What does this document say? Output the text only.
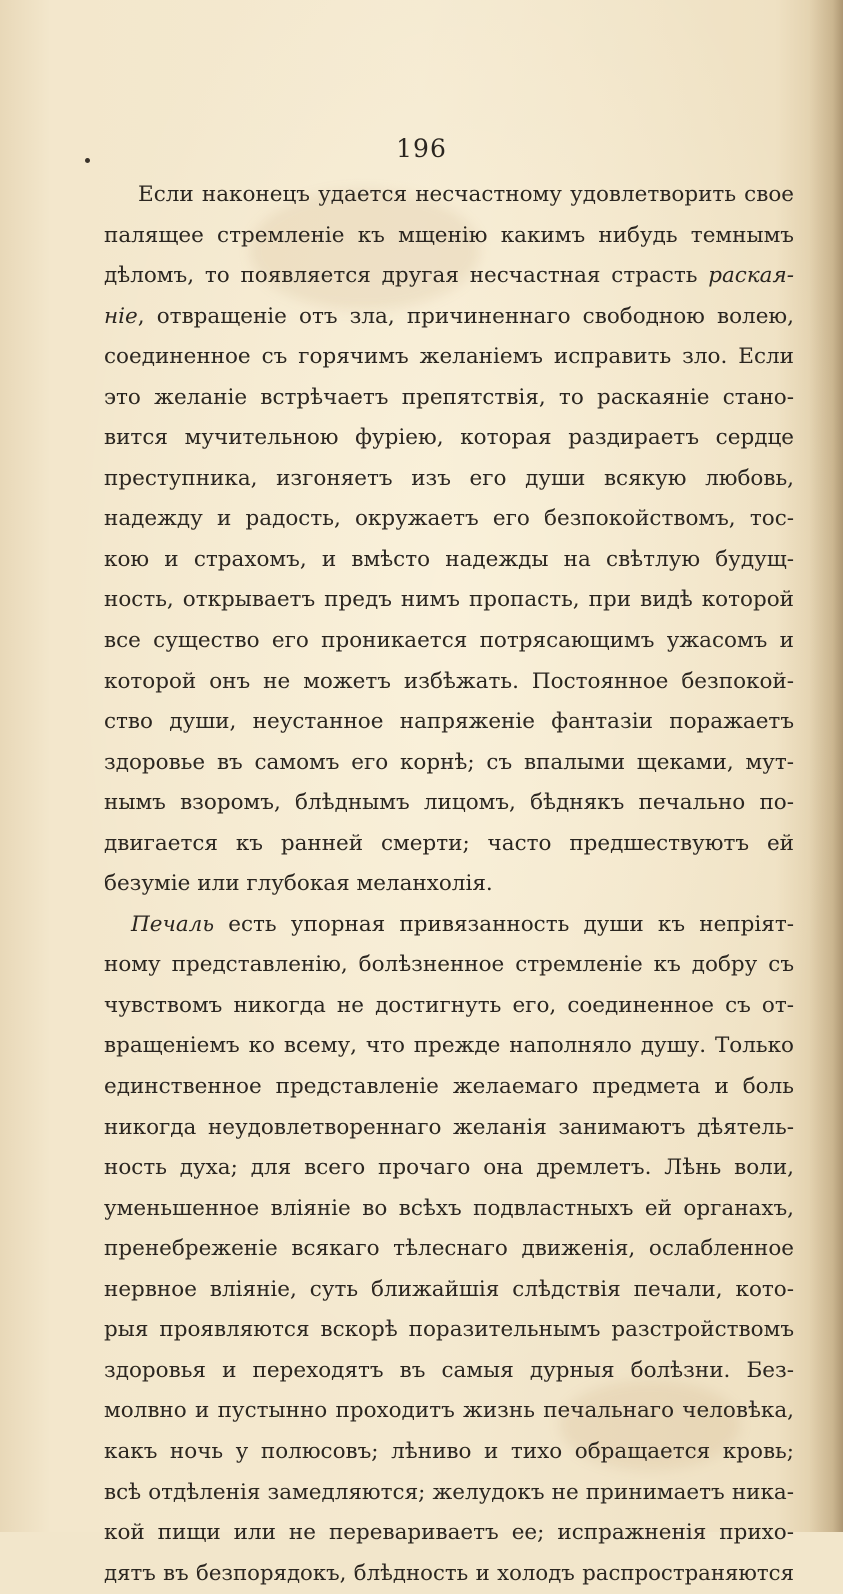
196
Если наконецъ удается несчастному удовлетворить свое
палящее стремленіе къ мщенію какимъ нибудь темнымъ
дѣломъ, то появляется другая несчастная страсть раская-
ніе, отвращеніе отъ зла, причиненнаго свободною волею,
соединенное съ горячимъ желаніемъ исправить зло. Если
это желаніе встрѣчаетъ препятствія, то раскаяніе стано-
вится мучительною фуріею, которая раздираетъ сердце
преступника, изгоняетъ изъ его души всякую любовь,
надежду и радость, окружаетъ его безпокойствомъ, тос-
кою и страхомъ, и вмѣсто надежды на свѣтлую будущ-
ность, открываетъ предъ нимъ пропасть, при видѣ которой
все существо его проникается потрясающимъ ужасомъ и
которой онъ не можетъ избѣжать. Постоянное безпокой-
ство души, неустанное напряженіе фантазіи поражаетъ
здоровье въ самомъ его корнѣ; съ впалыми щеками, мут-
нымъ взоромъ, блѣднымъ лицомъ, бѣднякъ печально по-
двигается къ ранней смерти; часто предшествуютъ ей
безуміе или глубокая меланхолія.
Печаль есть упорная привязанность души къ непріят-
ному представленію, болѣзненное стремленіе къ добру съ
чувствомъ никогда не достигнуть его, соединенное съ от-
вращеніемъ ко всему, что прежде наполняло душу. Только
единственное представленіе желаемаго предмета и боль
никогда неудовлетвореннаго желанія занимаютъ дѣятель-
ность духа; для всего прочаго она дремлетъ. Лѣнь воли,
уменьшенное вліяніе во всѣхъ подвластныхъ ей органахъ,
пренебреженіе всякаго тѣлеснаго движенія, ослабленное
нервное вліяніе, суть ближайшія слѣдствія печали, кото-
рыя проявляются вскорѣ поразительнымъ разстройствомъ
здоровья и переходятъ въ самыя дурныя болѣзни. Без-
молвно и пустынно проходитъ жизнь печальнаго человѣка,
какъ ночь у полюсовъ; лѣниво и тихо обращается кровь;
всѣ отдѣленія замедляются; желудокъ не принимаетъ никa-
кой пищи или не перевариваетъ ее; испражненія прихо-
дятъ въ безпорядокъ, блѣдность и холодъ распространяются
